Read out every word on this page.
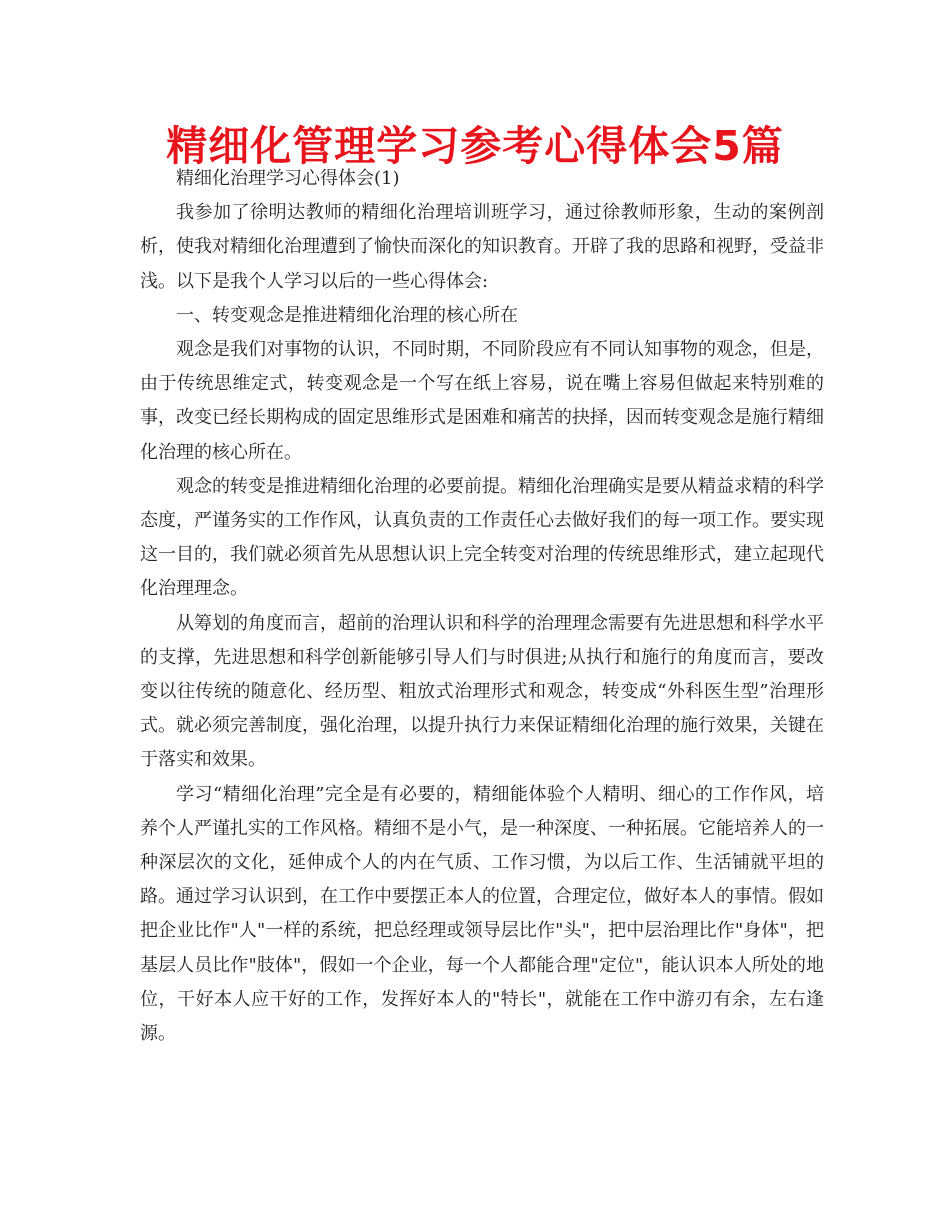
精细化管理学习参考心得体会5篇

精细化治理学习心得体会(1)

我参加了徐明达教师的精细化治理培训班学习，通过徐教师形象，生动的案例剖析，使我对精细化治理遭到了愉快而深化的知识教育。开辟了我的思路和视野，受益非浅。以下是我个人学习以后的一些心得体会:

一、转变观念是推进精细化治理的核心所在

观念是我们对事物的认识，不同时期，不同阶段应有不同认知事物的观念，但是，由于传统思维定式，转变观念是一个写在纸上容易，说在嘴上容易但做起来特别难的事，改变已经长期构成的固定思维形式是困难和痛苦的抉择，因而转变观念是施行精细化治理的核心所在。

观念的转变是推进精细化治理的必要前提。精细化治理确实是要从精益求精的科学态度，严谨务实的工作作风，认真负责的工作责任心去做好我们的每一项工作。要实现这一目的，我们就必须首先从思想认识上完全转变对治理的传统思维形式，建立起现代化治理理念。

从筹划的角度而言，超前的治理认识和科学的治理理念需要有先进思想和科学水平的支撑，先进思想和科学创新能够引导人们与时俱进;从执行和施行的角度而言，要改变以往传统的随意化、经历型、粗放式治理形式和观念，转变成“外科医生型”治理形式。就必须完善制度，强化治理，以提升执行力来保证精细化治理的施行效果，关键在于落实和效果。

学习“精细化治理”完全是有必要的，精细能体验个人精明、细心的工作作风，培养个人严谨扎实的工作风格。精细不是小气，是一种深度、一种拓展。它能培养人的一种深层次的文化，延伸成个人的内在气质、工作习惯，为以后工作、生活铺就平坦的路。通过学习认识到，在工作中要摆正本人的位置，合理定位，做好本人的事情。假如把企业比作"人"一样的系统，把总经理或领导层比作"头"，把中层治理比作"身体"，把基层人员比作"肢体"，假如一个企业，每一个人都能合理"定位"，能认识本人所处的地位，干好本人应干好的工作，发挥好本人的"特长"，就能在工作中游刃有余，左右逢源。
